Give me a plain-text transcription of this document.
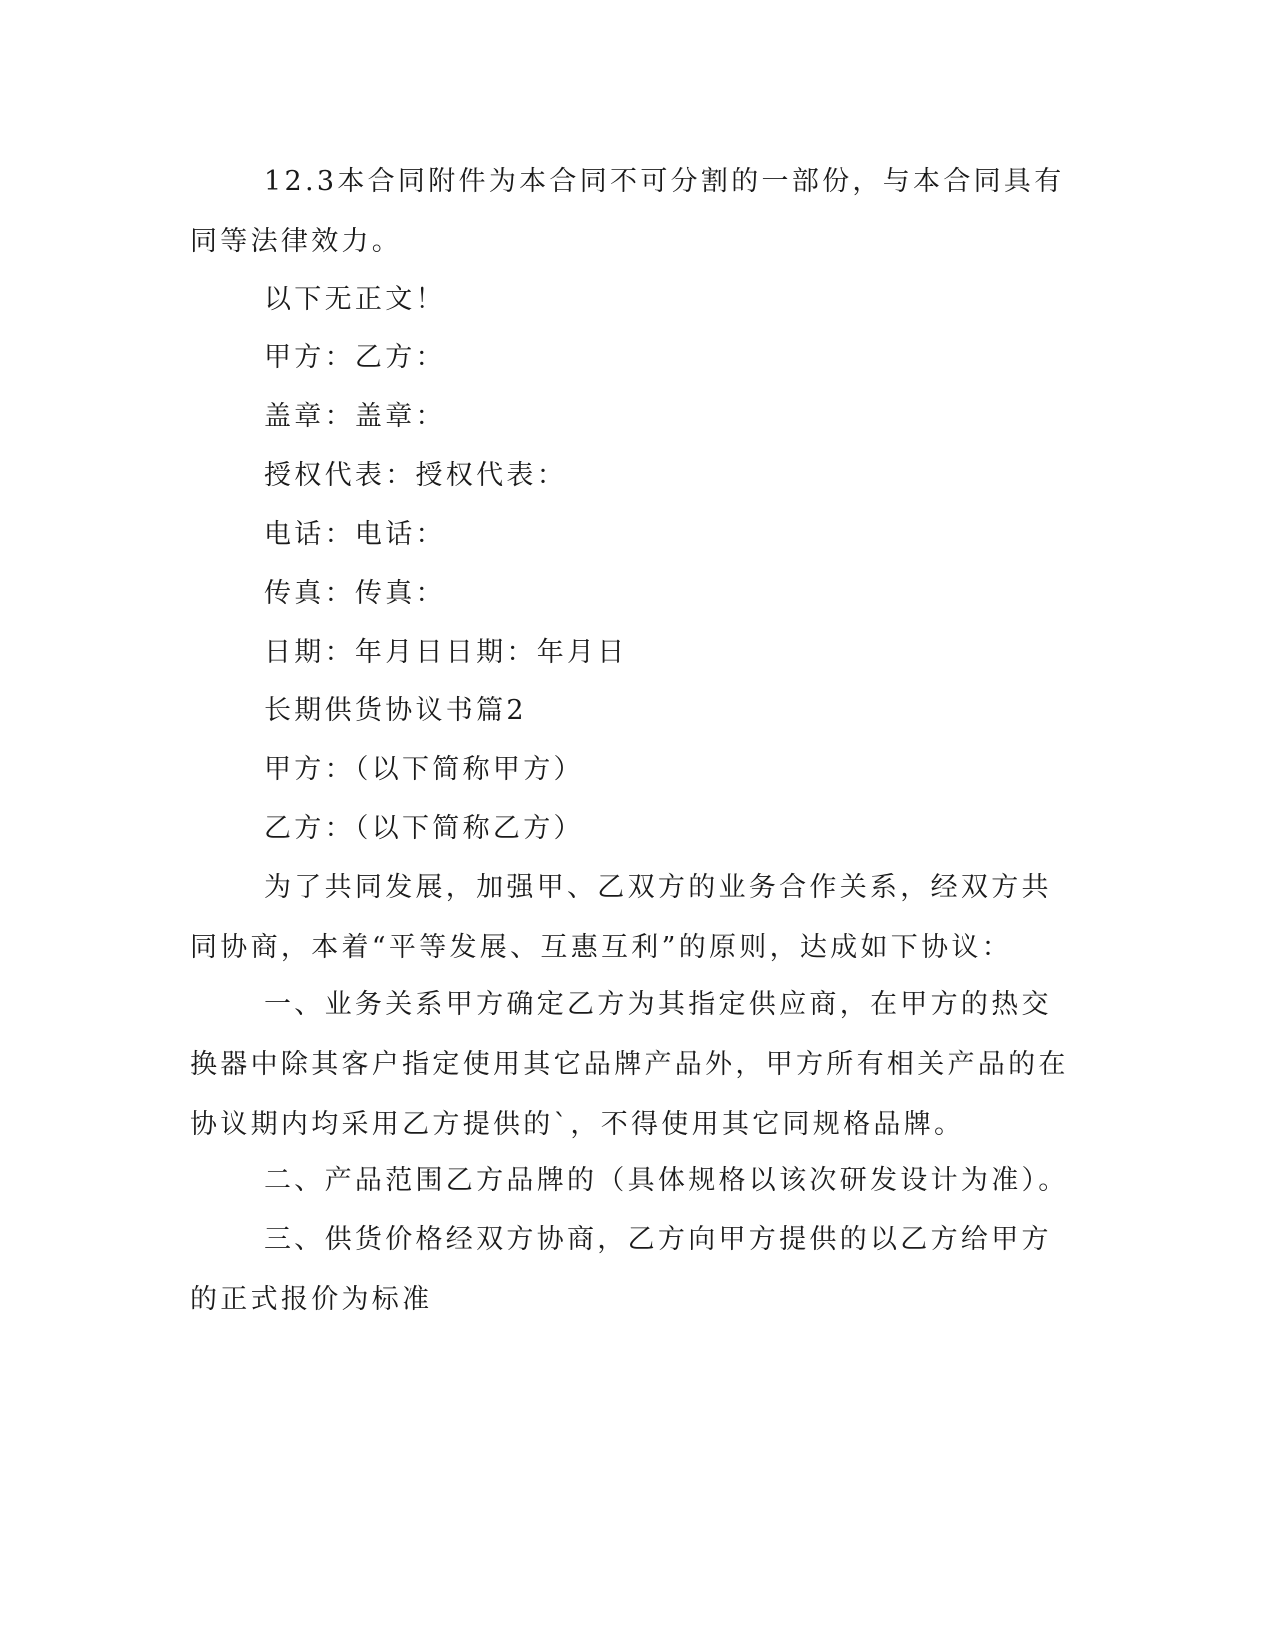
12.3本合同附件为本合同不可分割的一部份，与本合同具有同等法律效力。

以下无正文！

甲方：乙方：

盖章：盖章：

授权代表：授权代表：

电话：电话：

传真：传真：

日期：年月日日期：年月日

长期供货协议书篇2

甲方：（以下简称甲方）

乙方：（以下简称乙方）

为了共同发展，加强甲、乙双方的业务合作关系，经双方共同协商，本着“平等发展、互惠互利”的原则，达成如下协议：

一、业务关系甲方确定乙方为其指定供应商，在甲方的热交换器中除其客户指定使用其它品牌产品外，甲方所有相关产品的在协议期内均采用乙方提供的`，不得使用其它同规格品牌。

二、产品范围乙方品牌的（具体规格以该次研发设计为准）。

三、供货价格经双方协商，乙方向甲方提供的以乙方给甲方的正式报价为标准
